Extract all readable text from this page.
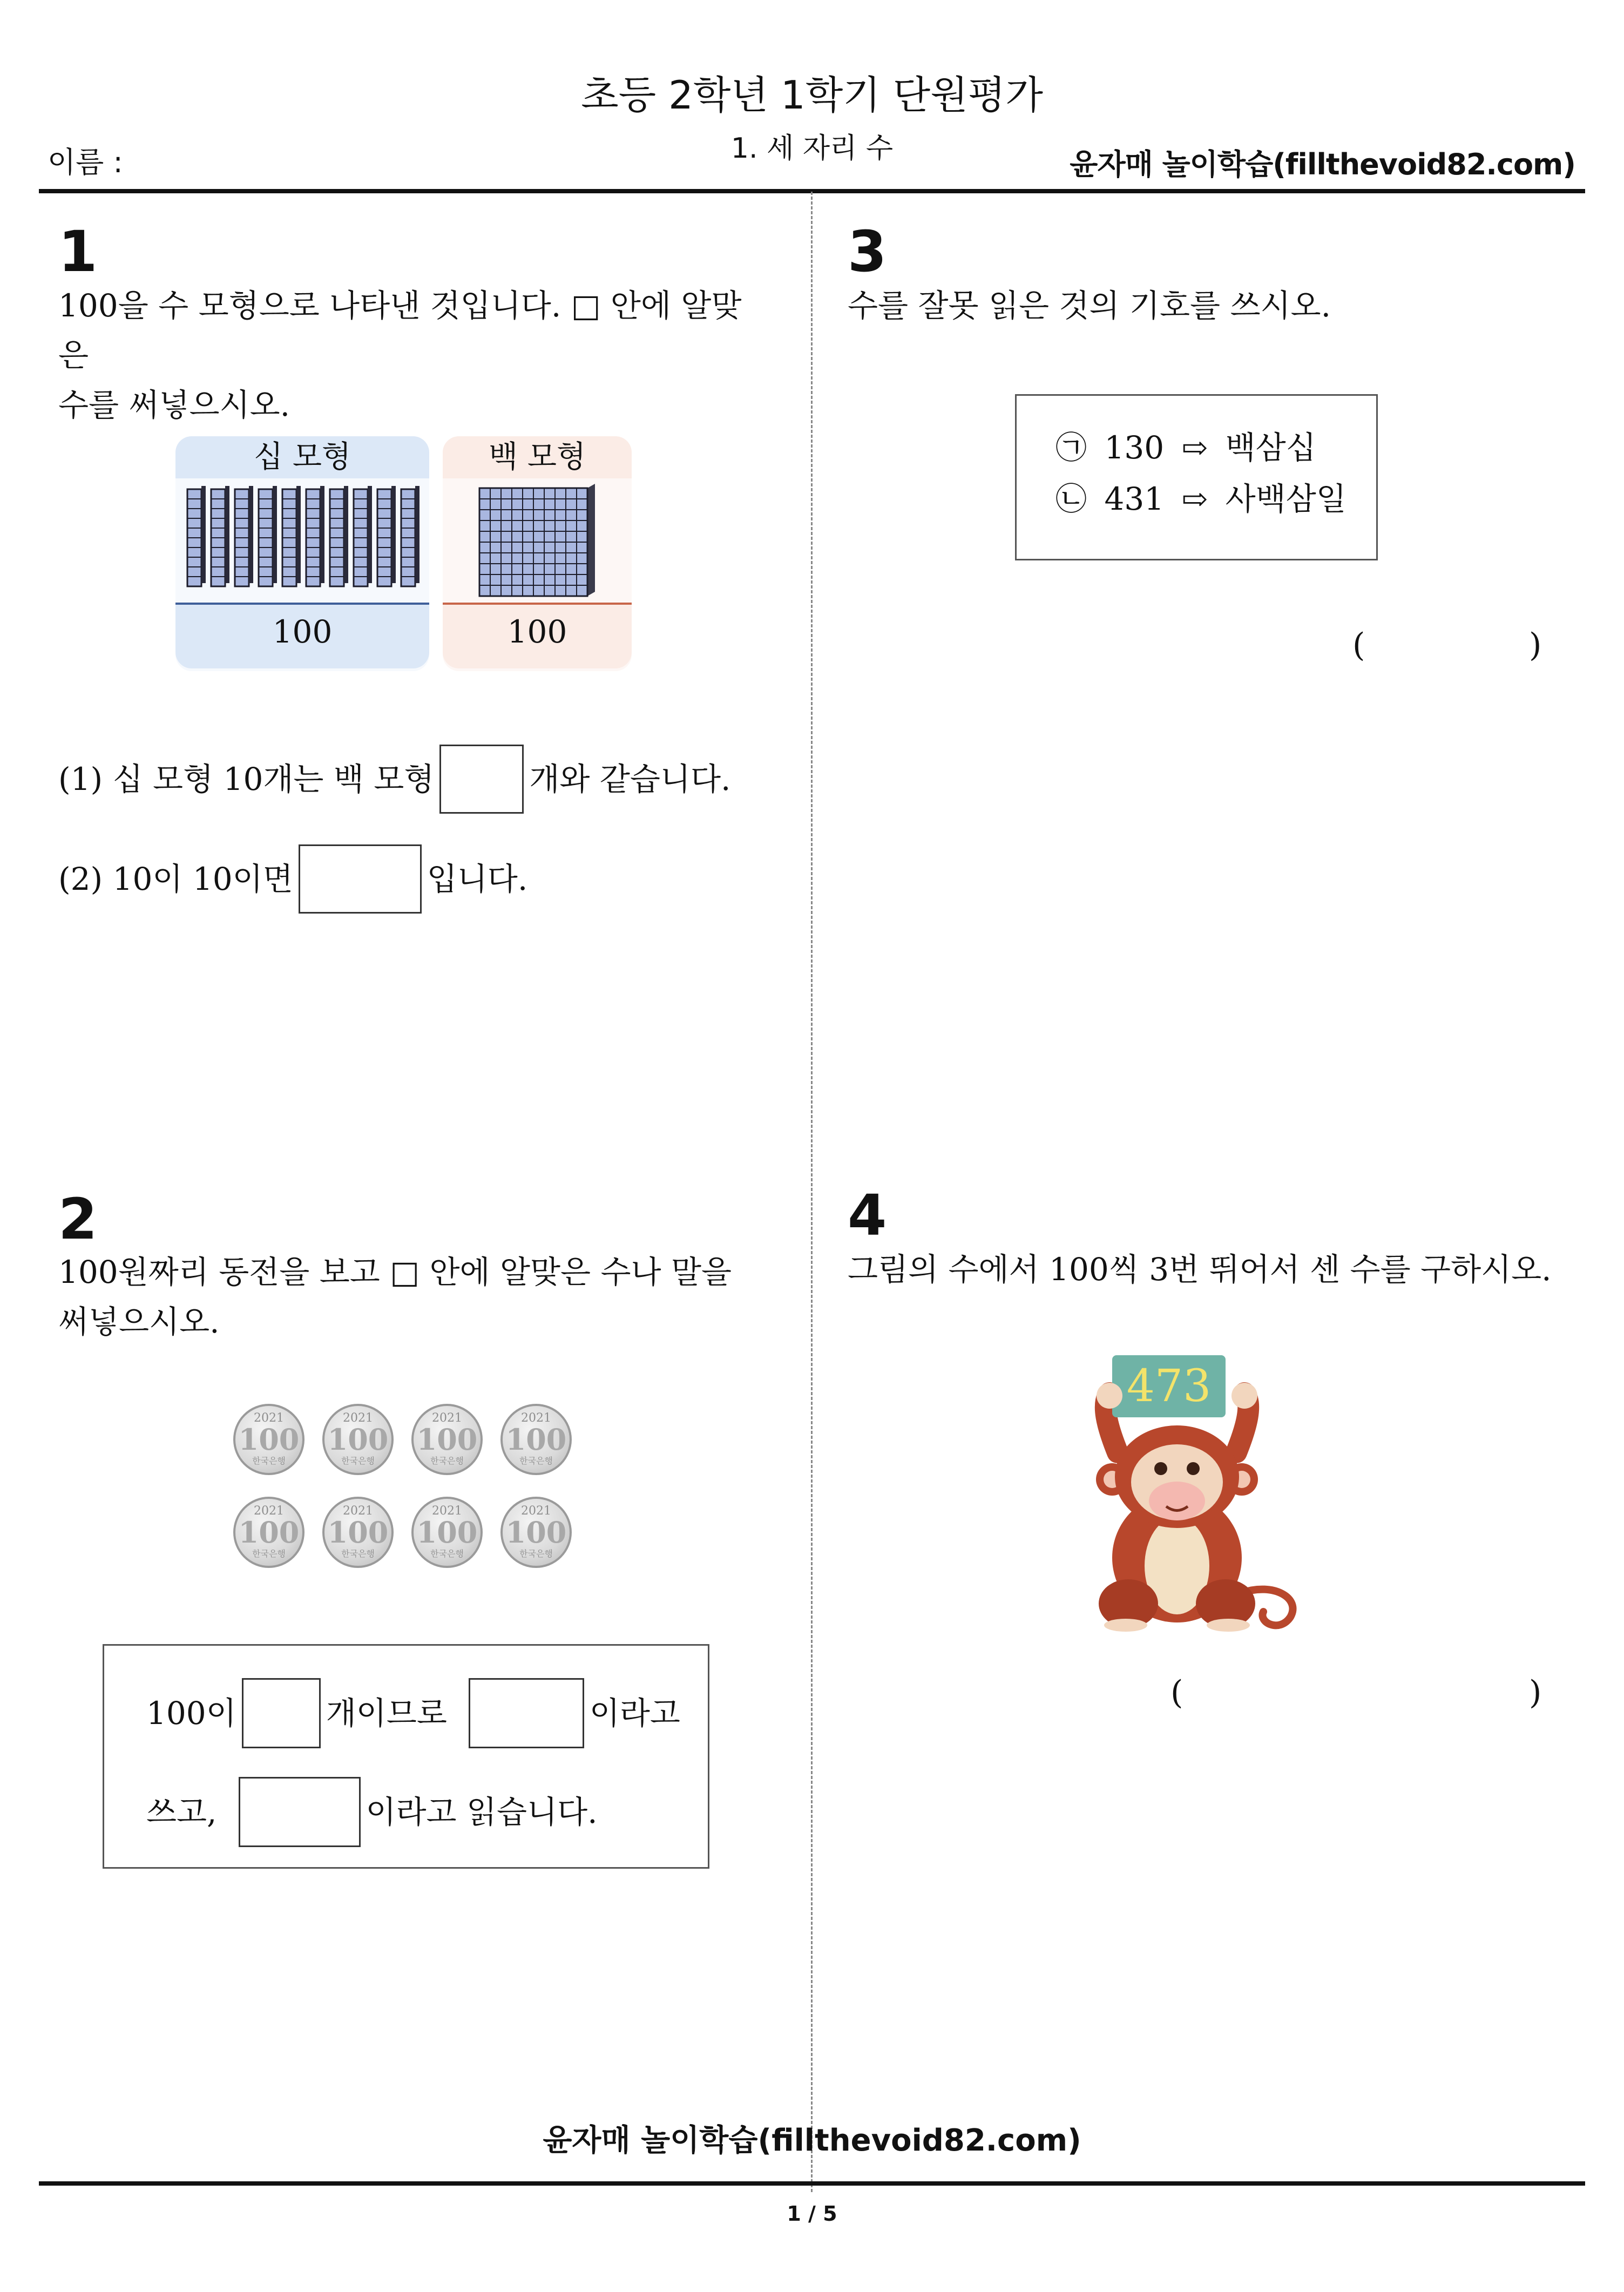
초등 2학년 1학기 단원평가
1. 세 자리 수
이름 :	윤자매 놀이학습(fillthevoid82.com)
1
100을 수 모형으로 나타낸 것입니다. □ 안에 알맞은
수를 써넣으시오.
십 모형
100
백 모형
100
(1) 십 모형 10개는 백 모형	개와 같습니다.
(2) 10이 10이면	입니다.
2
100원짜리 동전을 보고 □ 안에 알맞은 수나 말을
써넣으시오.
2021
100
한국은행
2021
100
한국은행
2021
100
한국은행
2021
100
한국은행
2021
100
한국은행
2021
100
한국은행
2021
100
한국은행
2021
100
한국은행
100이	개이므로	이라고
쓰고,	이라고 읽습니다.
3
수를 잘못 읽은 것의 기호를 쓰시오.
㉠ 130 ⇨ 백삼십
㉡ 431 ⇨ 사백삼일
(	)
4
그림의 수에서 100씩 3번 뛰어서 센 수를 구하시오.
473
(	)
윤자매 놀이학습(fillthevoid82.com)
1 / 5
